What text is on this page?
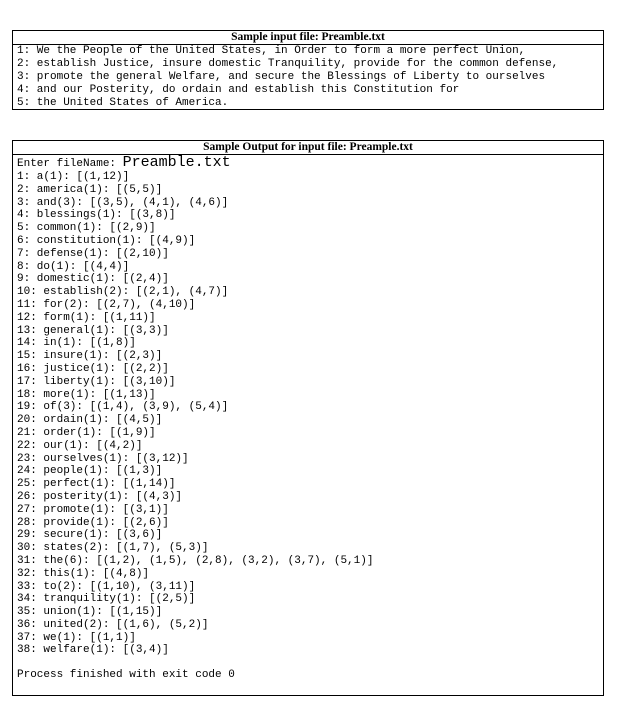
Sample input file: Preamble.txt
1: We the People of the United States, in Order to form a more perfect Union,
2: establish Justice, insure domestic Tranquility, provide for the common defense,
3: promote the general Welfare, and secure the Blessings of Liberty to ourselves
4: and our Posterity, do ordain and establish this Constitution for
5: the United States of America.
Sample Output for input file: Preample.txt
Enter fileName: Preamble.txt
1: a(1): [(1,12)]
2: america(1): [(5,5)]
3: and(3): [(3,5), (4,1), (4,6)]
4: blessings(1): [(3,8)]
5: common(1): [(2,9)]
6: constitution(1): [(4,9)]
7: defense(1): [(2,10)]
8: do(1): [(4,4)]
9: domestic(1): [(2,4)]
10: establish(2): [(2,1), (4,7)]
11: for(2): [(2,7), (4,10)]
12: form(1): [(1,11)]
13: general(1): [(3,3)]
14: in(1): [(1,8)]
15: insure(1): [(2,3)]
16: justice(1): [(2,2)]
17: liberty(1): [(3,10)]
18: more(1): [(1,13)]
19: of(3): [(1,4), (3,9), (5,4)]
20: ordain(1): [(4,5)]
21: order(1): [(1,9)]
22: our(1): [(4,2)]
23: ourselves(1): [(3,12)]
24: people(1): [(1,3)]
25: perfect(1): [(1,14)]
26: posterity(1): [(4,3)]
27: promote(1): [(3,1)]
28: provide(1): [(2,6)]
29: secure(1): [(3,6)]
30: states(2): [(1,7), (5,3)]
31: the(6): [(1,2), (1,5), (2,8), (3,2), (3,7), (5,1)]
32: this(1): [(4,8)]
33: to(2): [(1,10), (3,11)]
34: tranquility(1): [(2,5)]
35: union(1): [(1,15)]
36: united(2): [(1,6), (5,2)]
37: we(1): [(1,1)]
38: welfare(1): [(3,4)]
Process finished with exit code 0
